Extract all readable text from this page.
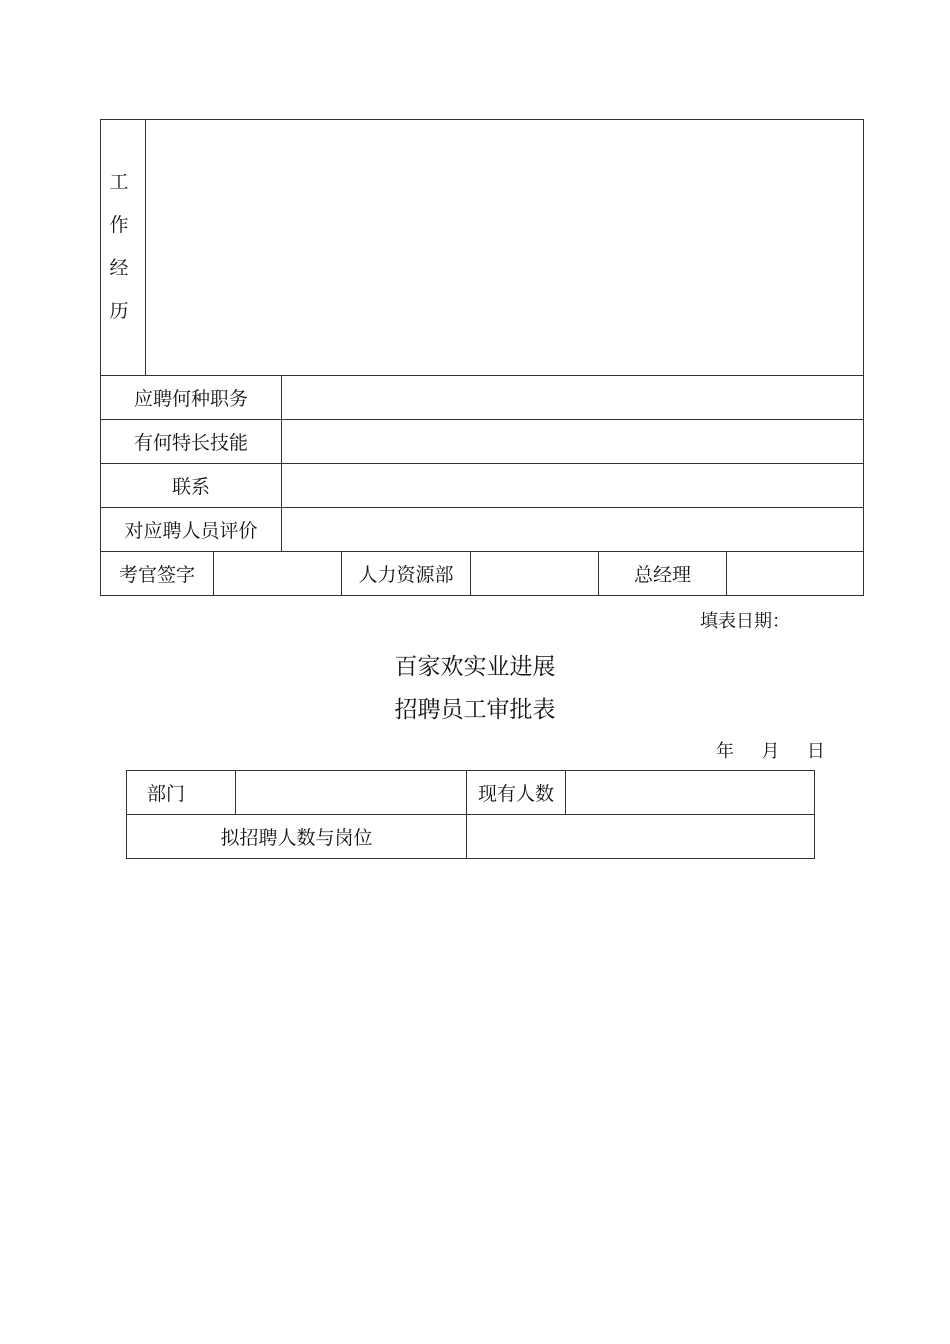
工
作
经
历
应聘何种职务
有何特长技能
联系
对应聘人员评价
考官签字	人力资源部	总经理
填表日期：
百家欢实业进展
招聘员工审批表
年  月  日
部门	现有人数
拟招聘人数与岗位
